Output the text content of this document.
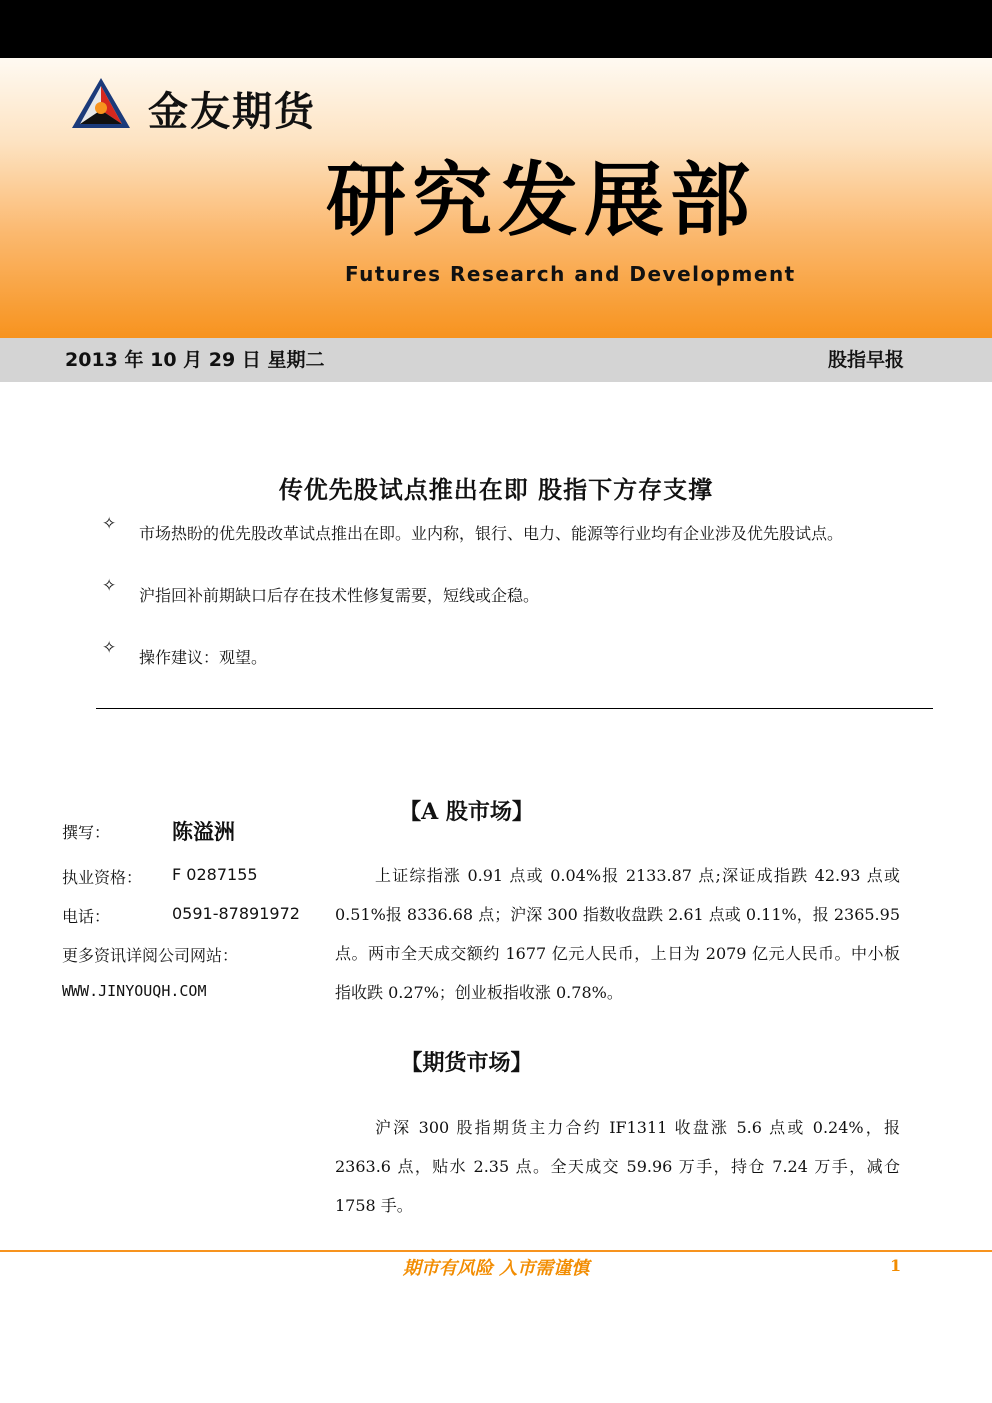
金友期货
研究发展部
Futures Research and Development
2013 年 10 月 29 日 星期二	股指早报
传优先股试点推出在即 股指下方存支撑
✧ 市场热盼的优先股改革试点推出在即。业内称，银行、电力、能源等行业均有企业涉及优先股试点。
✧ 沪指回补前期缺口后存在技术性修复需要，短线或企稳。
✧ 操作建议：观望。
撰写：	陈溢洲
执业资格： F 0287155
电话：	0591-87891972
更多资讯详阅公司网站：
WWW.JINYOUQH.COM
【A 股市场】
上证综指涨 0.91 点或 0.04%报 2133.87 点;深证成指跌 42.93 点或 0.51%报 8336.68 点；沪深 300 指数收盘跌 2.61 点或 0.11%，报 2365.95 点。两市全天成交额约 1677 亿元人民币，上日为 2079 亿元人民币。中小板指收跌 0.27%；创业板指收涨 0.78%。
【期货市场】
沪深 300 股指期货主力合约 IF1311 收盘涨 5.6 点或 0.24%，报 2363.6 点，贴水 2.35 点。全天成交 59.96 万手，持仓 7.24 万手，减仓 1758 手。
期市有风险 入市需谨慎	1
